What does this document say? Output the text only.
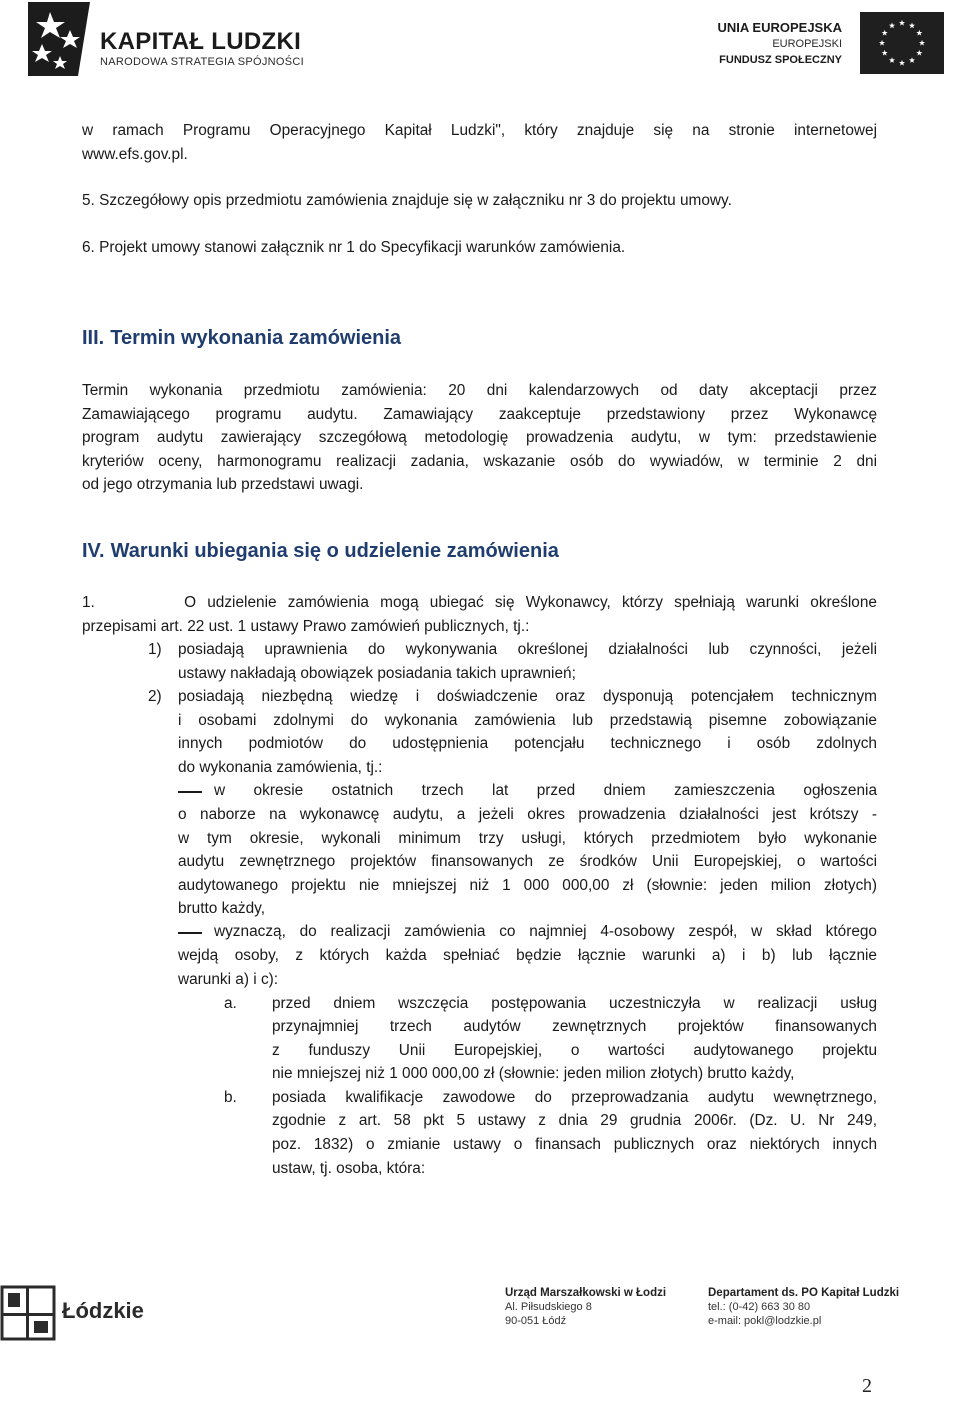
KAPITAŁ LUDZKI
NARODOWA STRATEGIA SPÓJNOŚCI
UNIA EUROPEJSKA
EUROPEJSKI
FUNDUSZ SPOŁECZNY
w ramach Programu Operacyjnego Kapitał Ludzki", który znajduje się na stronie internetowej
www.efs.gov.pl.
5. Szczegółowy opis przedmiotu zamówienia znajduje się w załączniku nr 3 do projektu umowy.
6. Projekt umowy stanowi załącznik nr 1 do Specyfikacji warunków zamówienia.
III. Termin wykonania zamówienia
Termin wykonania przedmiotu zamówienia: 20 dni kalendarzowych od daty akceptacji przez
Zamawiającego programu audytu. Zamawiający zaakceptuje przedstawiony przez Wykonawcę
program audytu zawierający szczegółową metodologię prowadzenia audytu, w tym: przedstawienie
kryteriów oceny, harmonogramu realizacji zadania, wskazanie osób do wywiadów, w terminie 2 dni
od jego otrzymania lub przedstawi uwagi.
IV. Warunki ubiegania się o udzielenie zamówienia
1.        O udzielenie zamówienia mogą ubiegać się Wykonawcy, którzy spełniają warunki określone
przepisami art. 22 ust. 1 ustawy Prawo zamówień publicznych, tj.:
1) posiadają uprawnienia do wykonywania określonej działalności lub czynności, jeżeli
ustawy nakładają obowiązek posiadania takich uprawnień;
2) posiadają niezbędną wiedzę i doświadczenie oraz dysponują potencjałem technicznym
i osobami zdolnymi do wykonania zamówienia lub przedstawią pisemne zobowiązanie
innych podmiotów do udostępnienia potencjału technicznego i osób zdolnych
do wykonania zamówienia, tj.:
w okresie ostatnich trzech lat przed dniem zamieszczenia ogłoszenia
o naborze na wykonawcę audytu, a jeżeli okres prowadzenia działalności jest krótszy -
w tym okresie, wykonali minimum trzy usługi, których przedmiotem było wykonanie
audytu zewnętrznego projektów finansowanych ze środków Unii Europejskiej, o wartości
audytowanego projektu nie mniejszej niż 1 000 000,00 zł (słownie: jeden milion złotych)
brutto każdy,
wyznaczą, do realizacji zamówienia co najmniej 4-osobowy zespół, w skład którego
wejdą osoby, z których każda spełniać będzie łącznie warunki a) i b) lub łącznie
warunki a) i c):
a. przed dniem wszczęcia postępowania uczestniczyła w realizacji usług
przynajmniej trzech audytów zewnętrznych projektów finansowanych
z funduszy Unii Europejskiej, o wartości audytowanego projektu
nie mniejszej niż 1 000 000,00 zł (słownie: jeden milion złotych) brutto każdy,
b. posiada kwalifikacje zawodowe do przeprowadzania audytu wewnętrznego,
zgodnie z art. 58 pkt 5 ustawy z dnia 29 grudnia 2006r. (Dz. U. Nr 249,
poz. 1832) o zmianie ustawy o finansach publicznych oraz niektórych innych
ustaw, tj. osoba, która:
Łódzkie
Urząd Marszałkowski w Łodzi
Al. Piłsudskiego 8
90-051 Łódź
Departament ds. PO Kapitał Ludzki
tel.: (0-42) 663 30 80
e-mail: pokl@lodzkie.pl
2
